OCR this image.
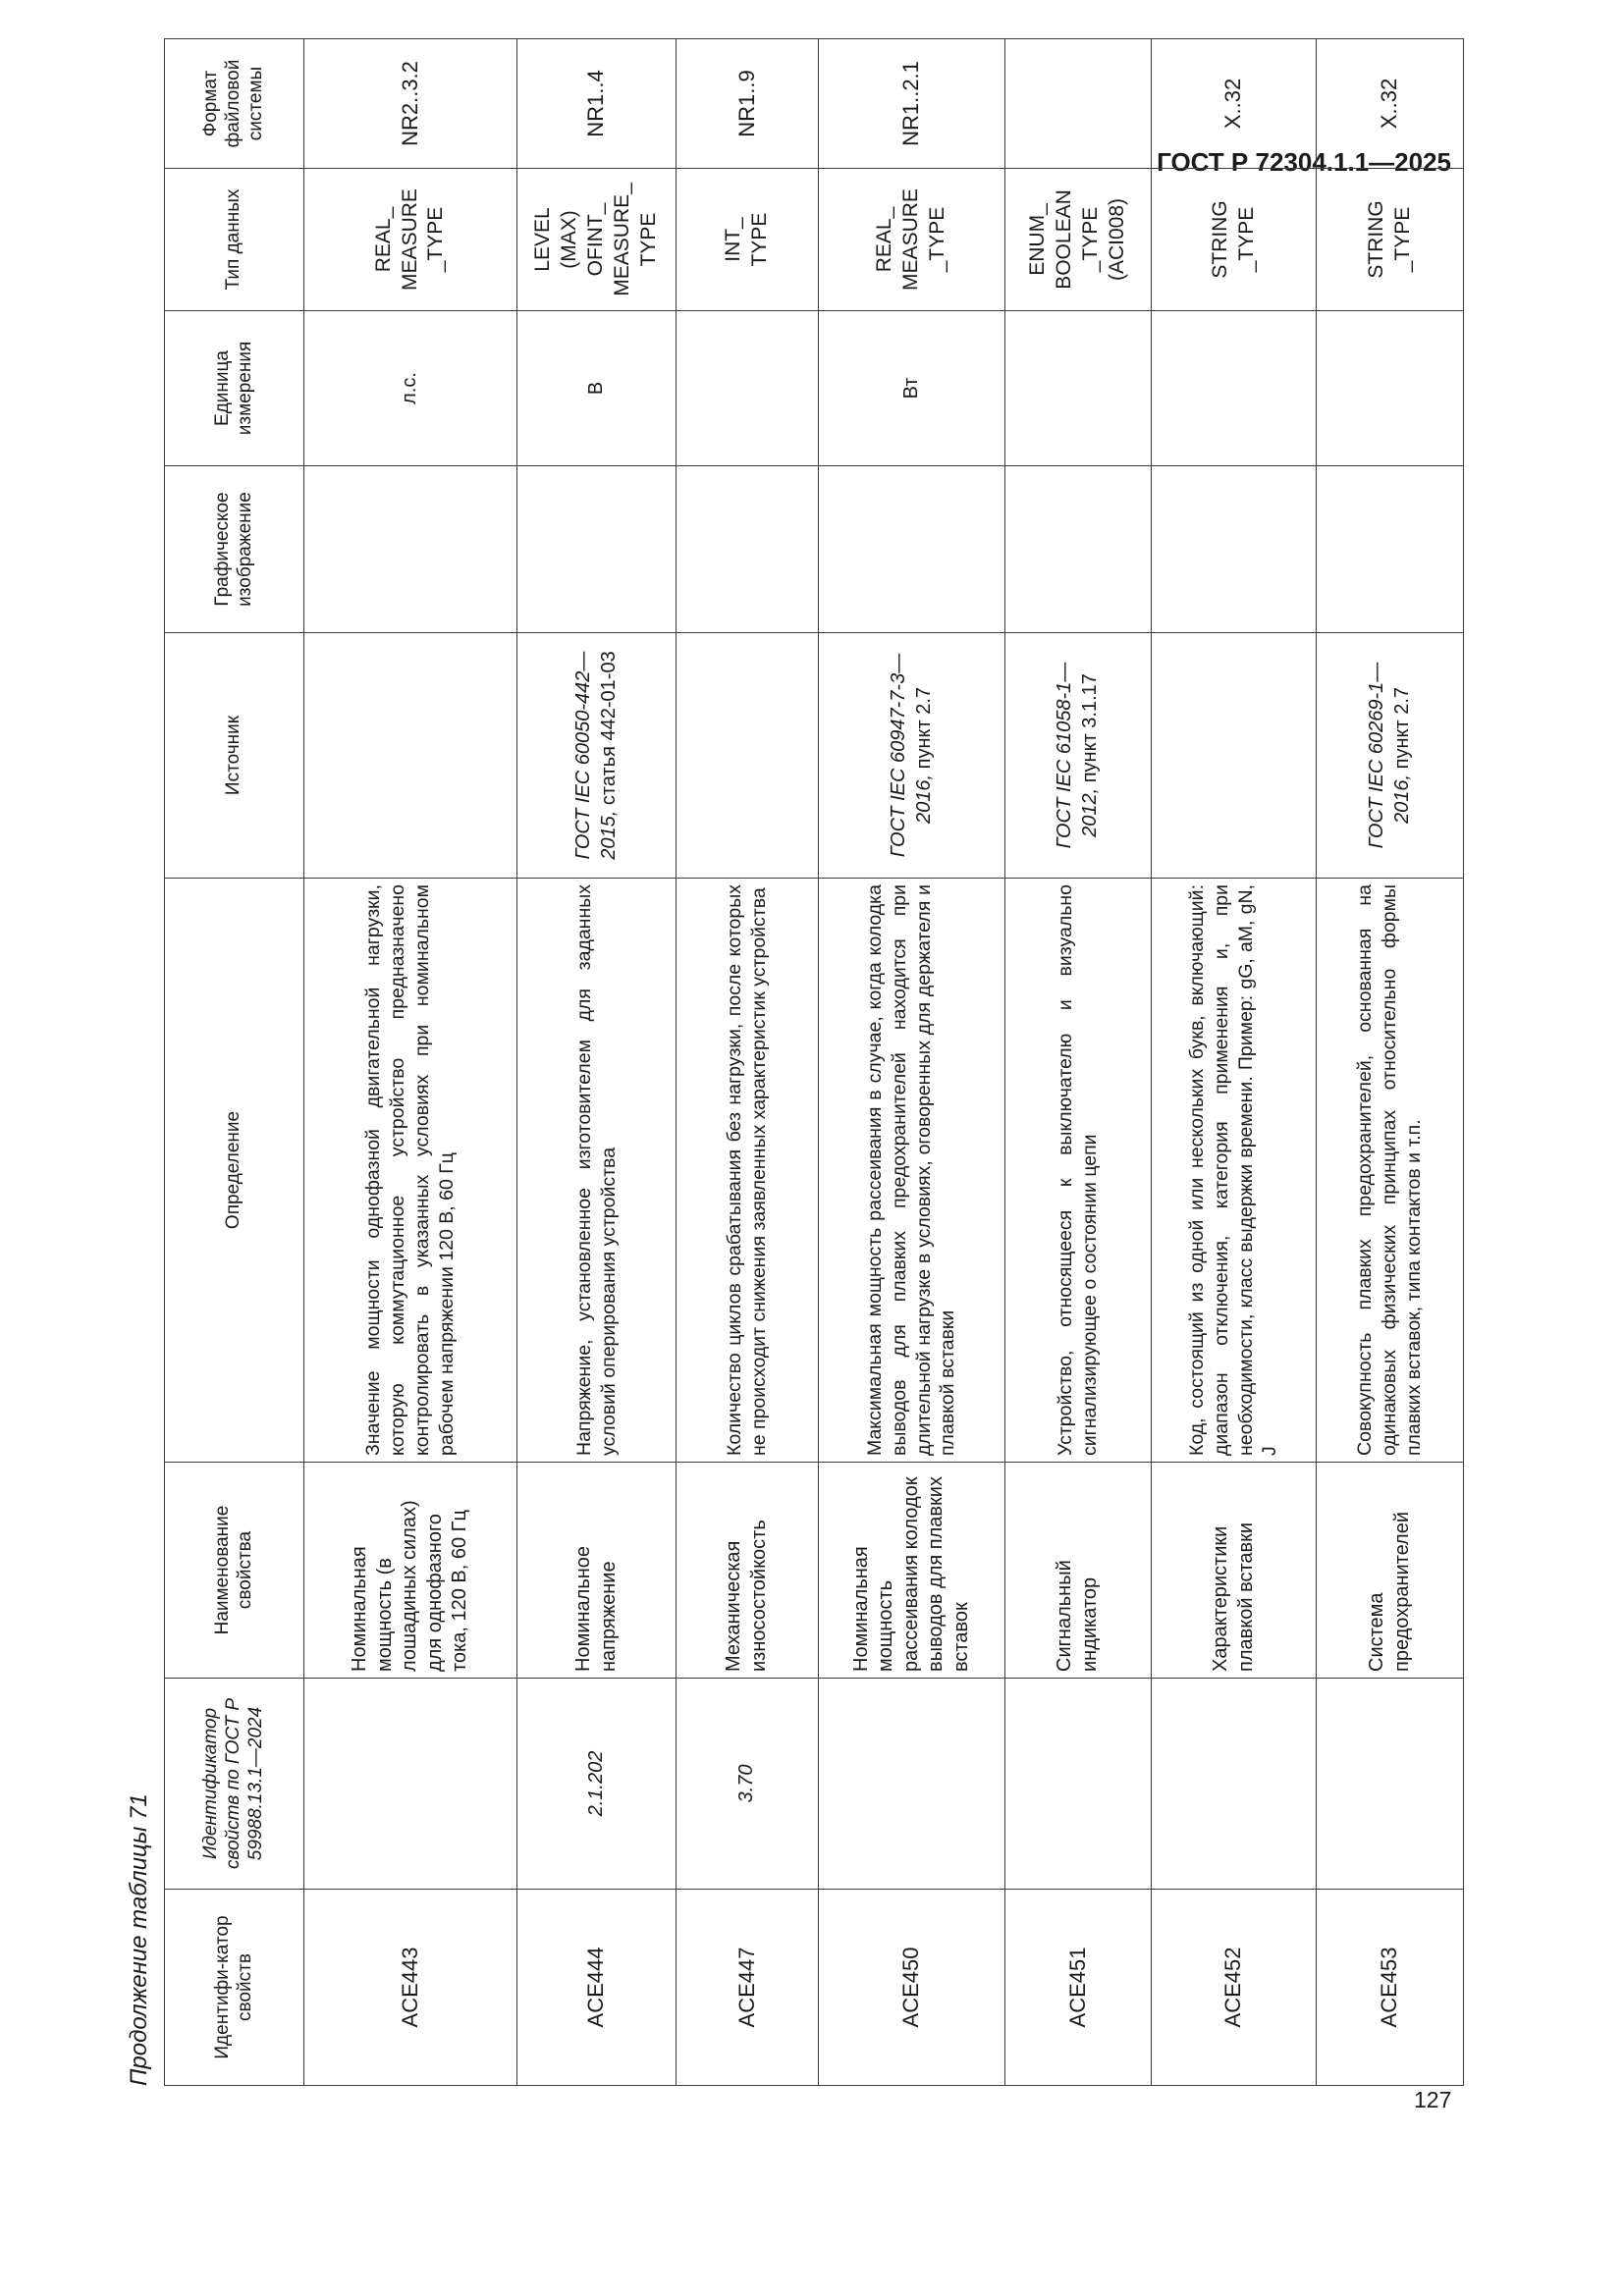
ГОСТ Р 72304.1.1—2025
Продолжение таблицы 71	Идентифи-катор свойств	Идентификатор свойств по ГОСТ Р 59988.13.1—2024	Наименование свойства	Определение	Источник	Графическое изображение	Единица измерения	Тип данных	Формат файловой системы
ACE443		Номинальная мощность (в лошадиных силах) для однофазного тока, 120 В, 60 Гц	Значение мощности однофазной двигательной нагрузки, которую коммутационное устройство предназначено контролировать в указанных условиях при номинальном рабочем напряжении 120 В, 60 Гц			л.с.	REAL_ MEASURE _TYPE	NR2..3.2
ACE444	2.1.202	Номинальное напряжение	Напряжение, установленное изготовителем для заданных условий оперирования устройства	ГОСТ IEC 60050-442—2015, статья 442-01-03		В	LEVEL (MAX) OFINT_ MEASURE_ TYPE	NR1..4
ACE447	3.70	Механическая износостойкость	Количество циклов срабатывания без нагрузки, после которых не происходит снижения заявленных характеристик устройства				INT_ TYPE	NR1..9
ACE450		Номинальная мощность рассеивания колодок выводов для плавких вставок	Максимальная мощность рассеивания в случае, когда колодка выводов для плавких предохранителей находится при длительной нагрузке в условиях, оговоренных для держателя и плавкой вставки	ГОСТ IEC 60947-7-3—2016, пункт 2.7		Вт	REAL_ MEASURE _TYPE	NR1..2.1
ACE451		Сигнальный индикатор	Устройство, относящееся к выключателю и визуально сигнализирующее о состоянии цепи	ГОСТ IEC 61058-1—2012, пункт 3.1.17			ENUM_ BOOLEAN _TYPE (ACI008)	

ACE452		Характеристики плавкой вставки	Код, состоящий из одной или нескольких букв, включающий: диапазон отключения, категория применения и, при необходимости, класс выдержки времени. Пример: gG, aM, gN, J				STRING _TYPE	X..32
ACE453		Система предохранителей	Совокупность плавких предохранителей, основанная на одинаковых физических принципах относительно формы плавких вставок, типа контактов и т.п.	ГОСТ IEC 60269-1—2016, пункт 2.7			STRING _TYPE	X..32
127
